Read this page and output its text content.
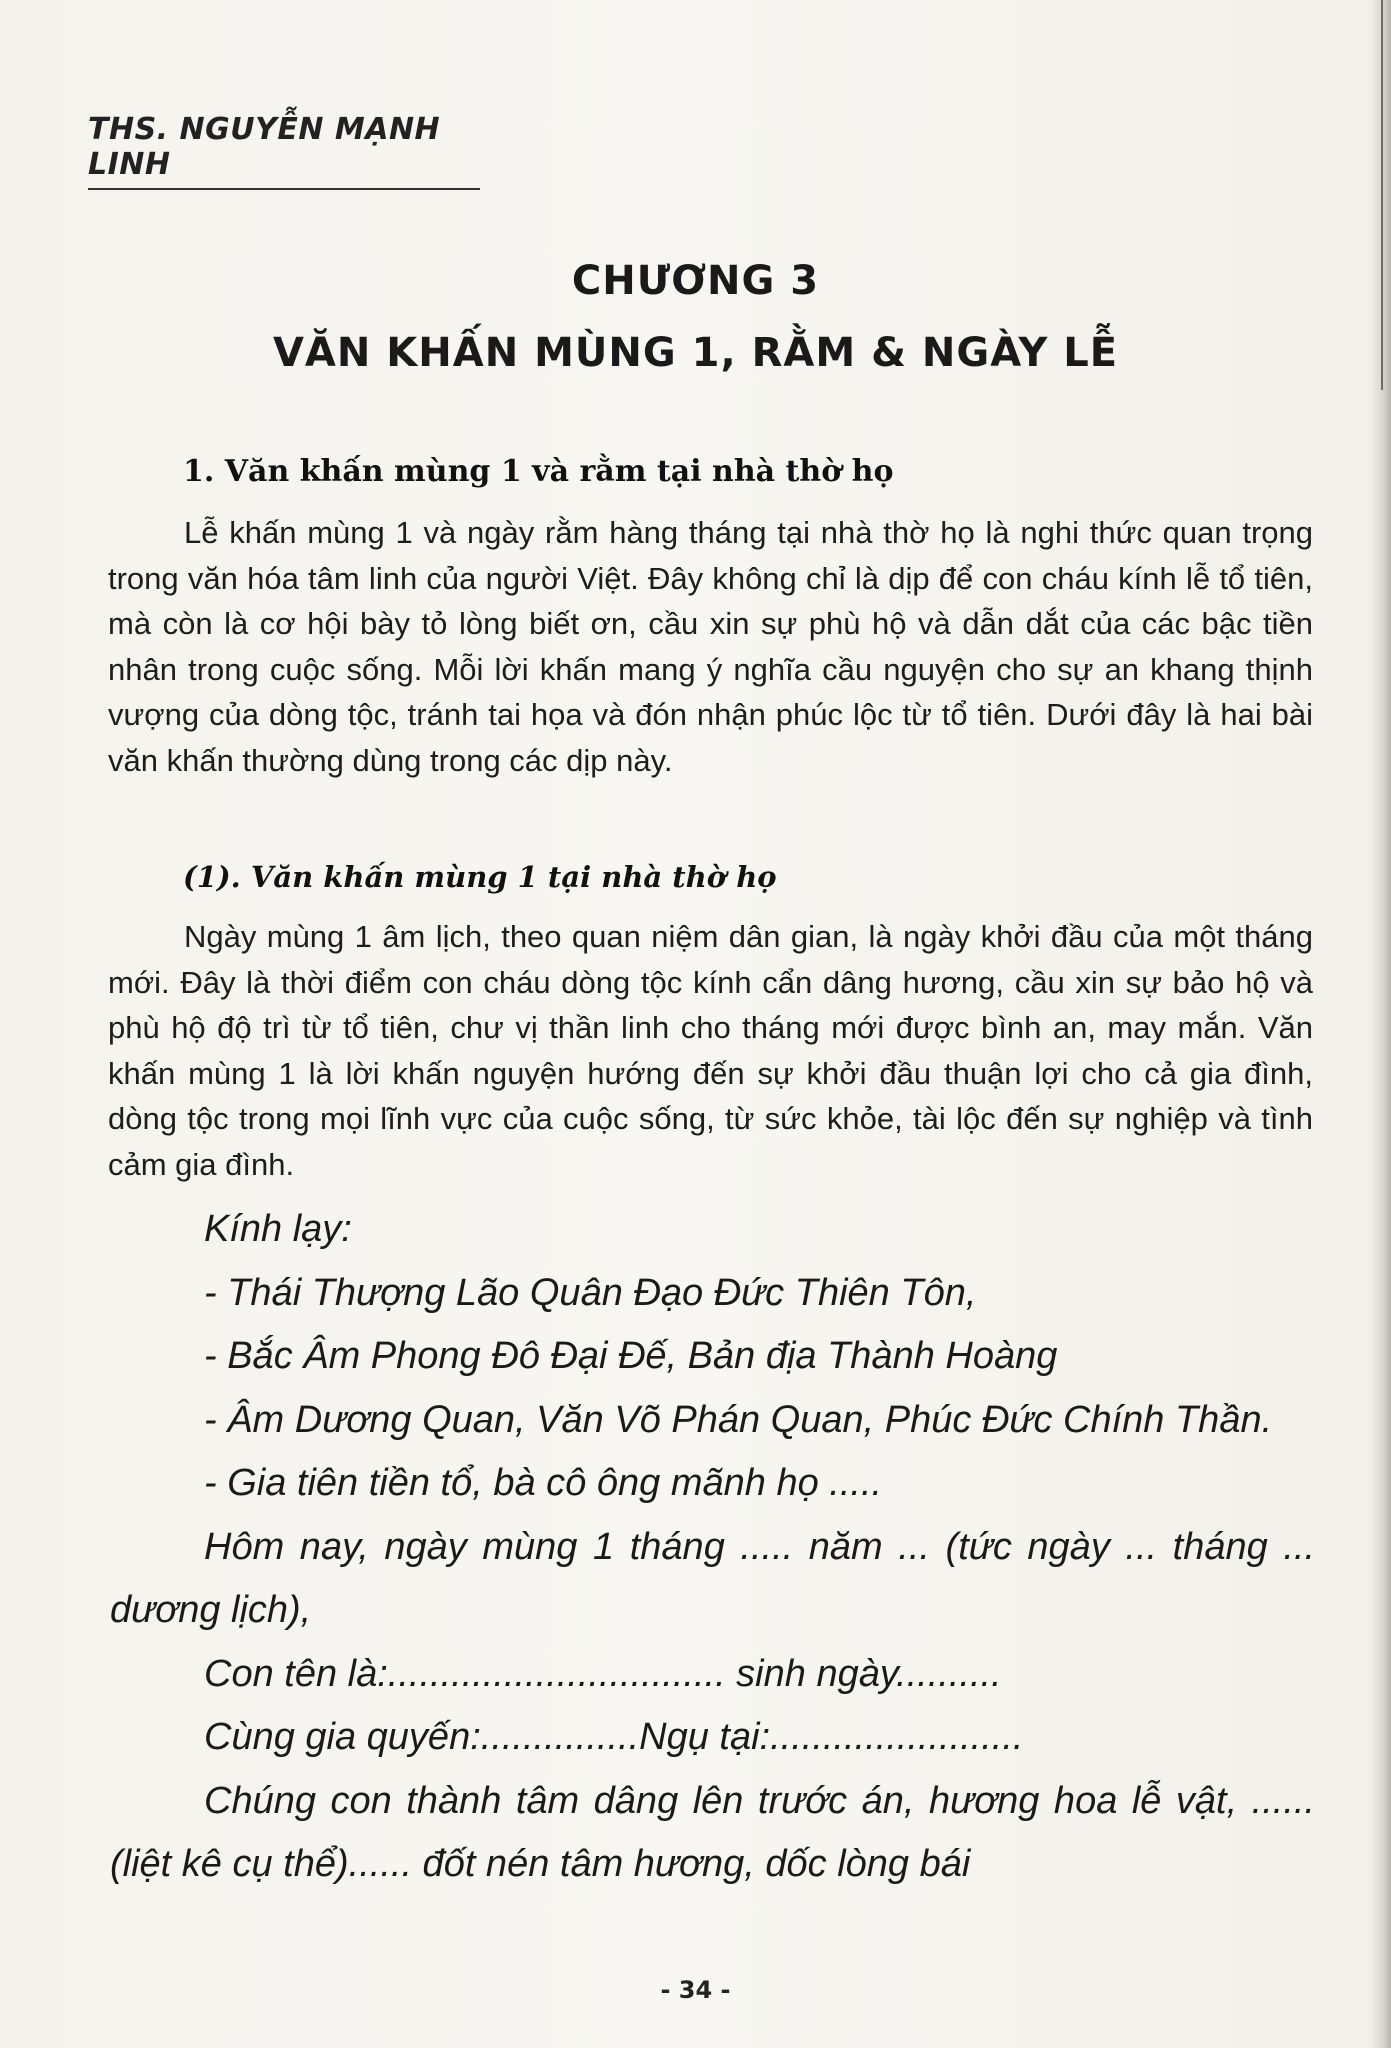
THS. NGUYỄN MẠNH LINH
CHƯƠNG 3
VĂN KHẤN MÙNG 1, RẰM & NGÀY LỄ
1. Văn khấn mùng 1 và rằm tại nhà thờ họ

Lễ khấn mùng 1 và ngày rằm hàng tháng tại nhà thờ họ là nghi thức quan trọng trong văn hóa tâm linh của người Việt. Đây không chỉ là dịp để con cháu kính lễ tổ tiên, mà còn là cơ hội bày tỏ lòng biết ơn, cầu xin sự phù hộ và dẫn dắt của các bậc tiền nhân trong cuộc sống. Mỗi lời khấn mang ý nghĩa cầu nguyện cho sự an khang thịnh vượng của dòng tộc, tránh tai họa và đón nhận phúc lộc từ tổ tiên. Dưới đây là hai bài văn khấn thường dùng trong các dịp này.

(1). Văn khấn mùng 1 tại nhà thờ họ

Ngày mùng 1 âm lịch, theo quan niệm dân gian, là ngày khởi đầu của một tháng mới. Đây là thời điểm con cháu dòng tộc kính cẩn dâng hương, cầu xin sự bảo hộ và phù hộ độ trì từ tổ tiên, chư vị thần linh cho tháng mới được bình an, may mắn. Văn khấn mùng 1 là lời khấn nguyện hướng đến sự khởi đầu thuận lợi cho cả gia đình, dòng tộc trong mọi lĩnh vực của cuộc sống, từ sức khỏe, tài lộc đến sự nghiệp và tình cảm gia đình.

Kính lạy:
- Thái Thượng Lão Quân Đạo Đức Thiên Tôn,
- Bắc Âm Phong Đô Đại Đế, Bản địa Thành Hoàng
- Âm Dương Quan, Văn Võ Phán Quan, Phúc Đức Chính Thần.
- Gia tiên tiền tổ, bà cô ông mãnh họ .....
Hôm nay, ngày mùng 1 tháng ..... năm ... (tức ngày ... tháng ... dương lịch),
Con tên là:................................ sinh ngày..........
Cùng gia quyến:...............Ngụ tại:........................
Chúng con thành tâm dâng lên trước án, hương hoa lễ vật, ...... (liệt kê cụ thể)...... đốt nén tâm hương, dốc lòng bái
- 34 -
